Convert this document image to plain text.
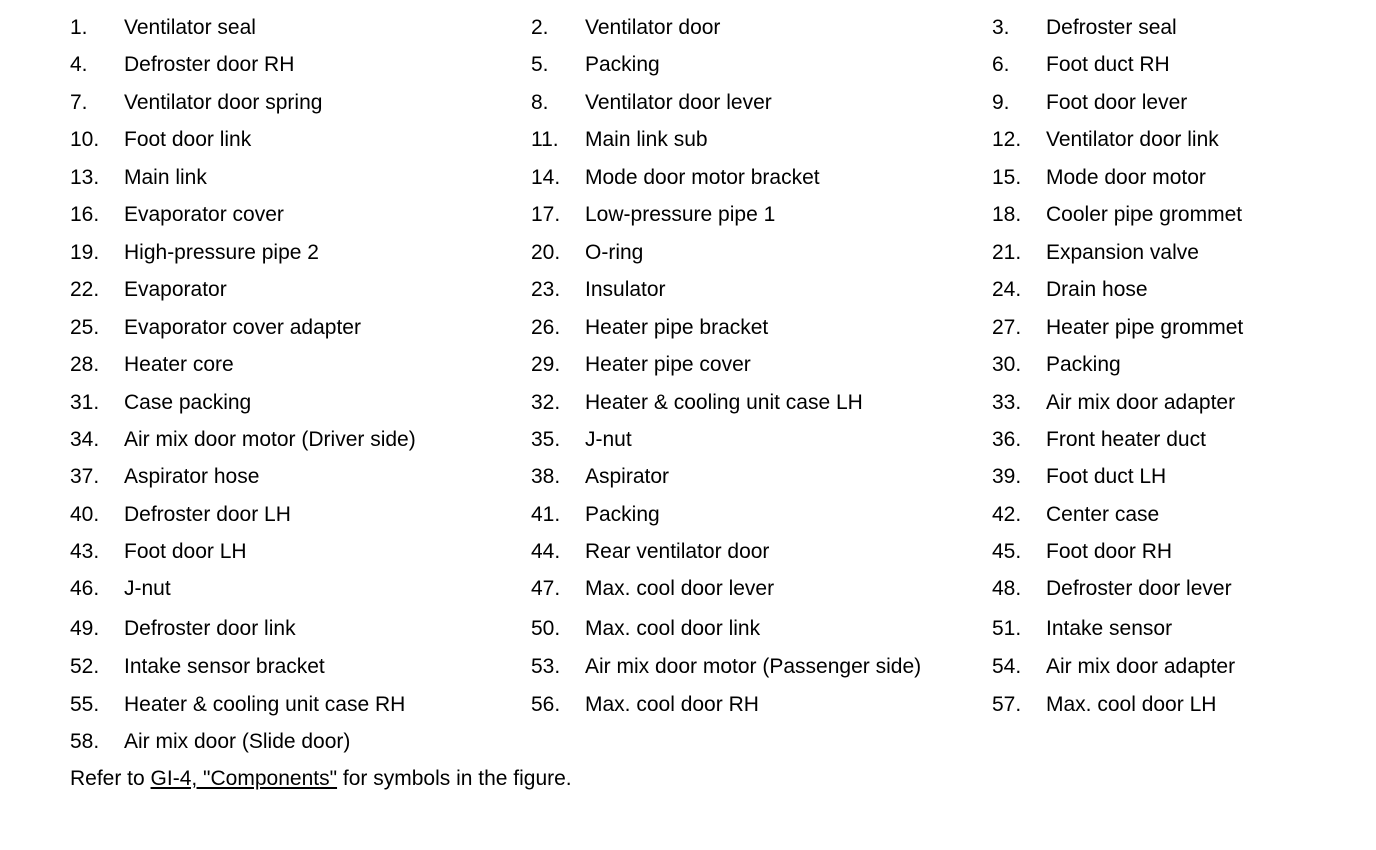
1. Ventilator seal	2. Ventilator door	3. Defroster seal
4. Defroster door RH	5. Packing	6. Foot duct RH
7. Ventilator door spring	8. Ventilator door lever	9. Foot door lever
10. Foot door link	11. Main link sub	12. Ventilator door link
13. Main link	14. Mode door motor bracket	15. Mode door motor
16. Evaporator cover	17. Low-pressure pipe 1	18. Cooler pipe grommet
19. High-pressure pipe 2	20. O-ring	21. Expansion valve
22. Evaporator	23. Insulator	24. Drain hose
25. Evaporator cover adapter	26. Heater pipe bracket	27. Heater pipe grommet
28. Heater core	29. Heater pipe cover	30. Packing
31. Case packing	32. Heater & cooling unit case LH	33. Air mix door adapter
34. Air mix door motor (Driver side)	35. J-nut	36. Front heater duct
37. Aspirator hose	38. Aspirator	39. Foot duct LH
40. Defroster door LH	41. Packing	42. Center case
43. Foot door LH	44. Rear ventilator door	45. Foot door RH
46. J-nut	47. Max. cool door lever	48. Defroster door lever
49. Defroster door link	50. Max. cool door link	51. Intake sensor
52. Intake sensor bracket	53. Air mix door motor (Passenger side)	54. Air mix door adapter
55. Heater & cooling unit case RH	56. Max. cool door RH	57. Max. cool door LH
58. Air mix door (Slide door)
Refer to GI-4, "Components" for symbols in the figure.
